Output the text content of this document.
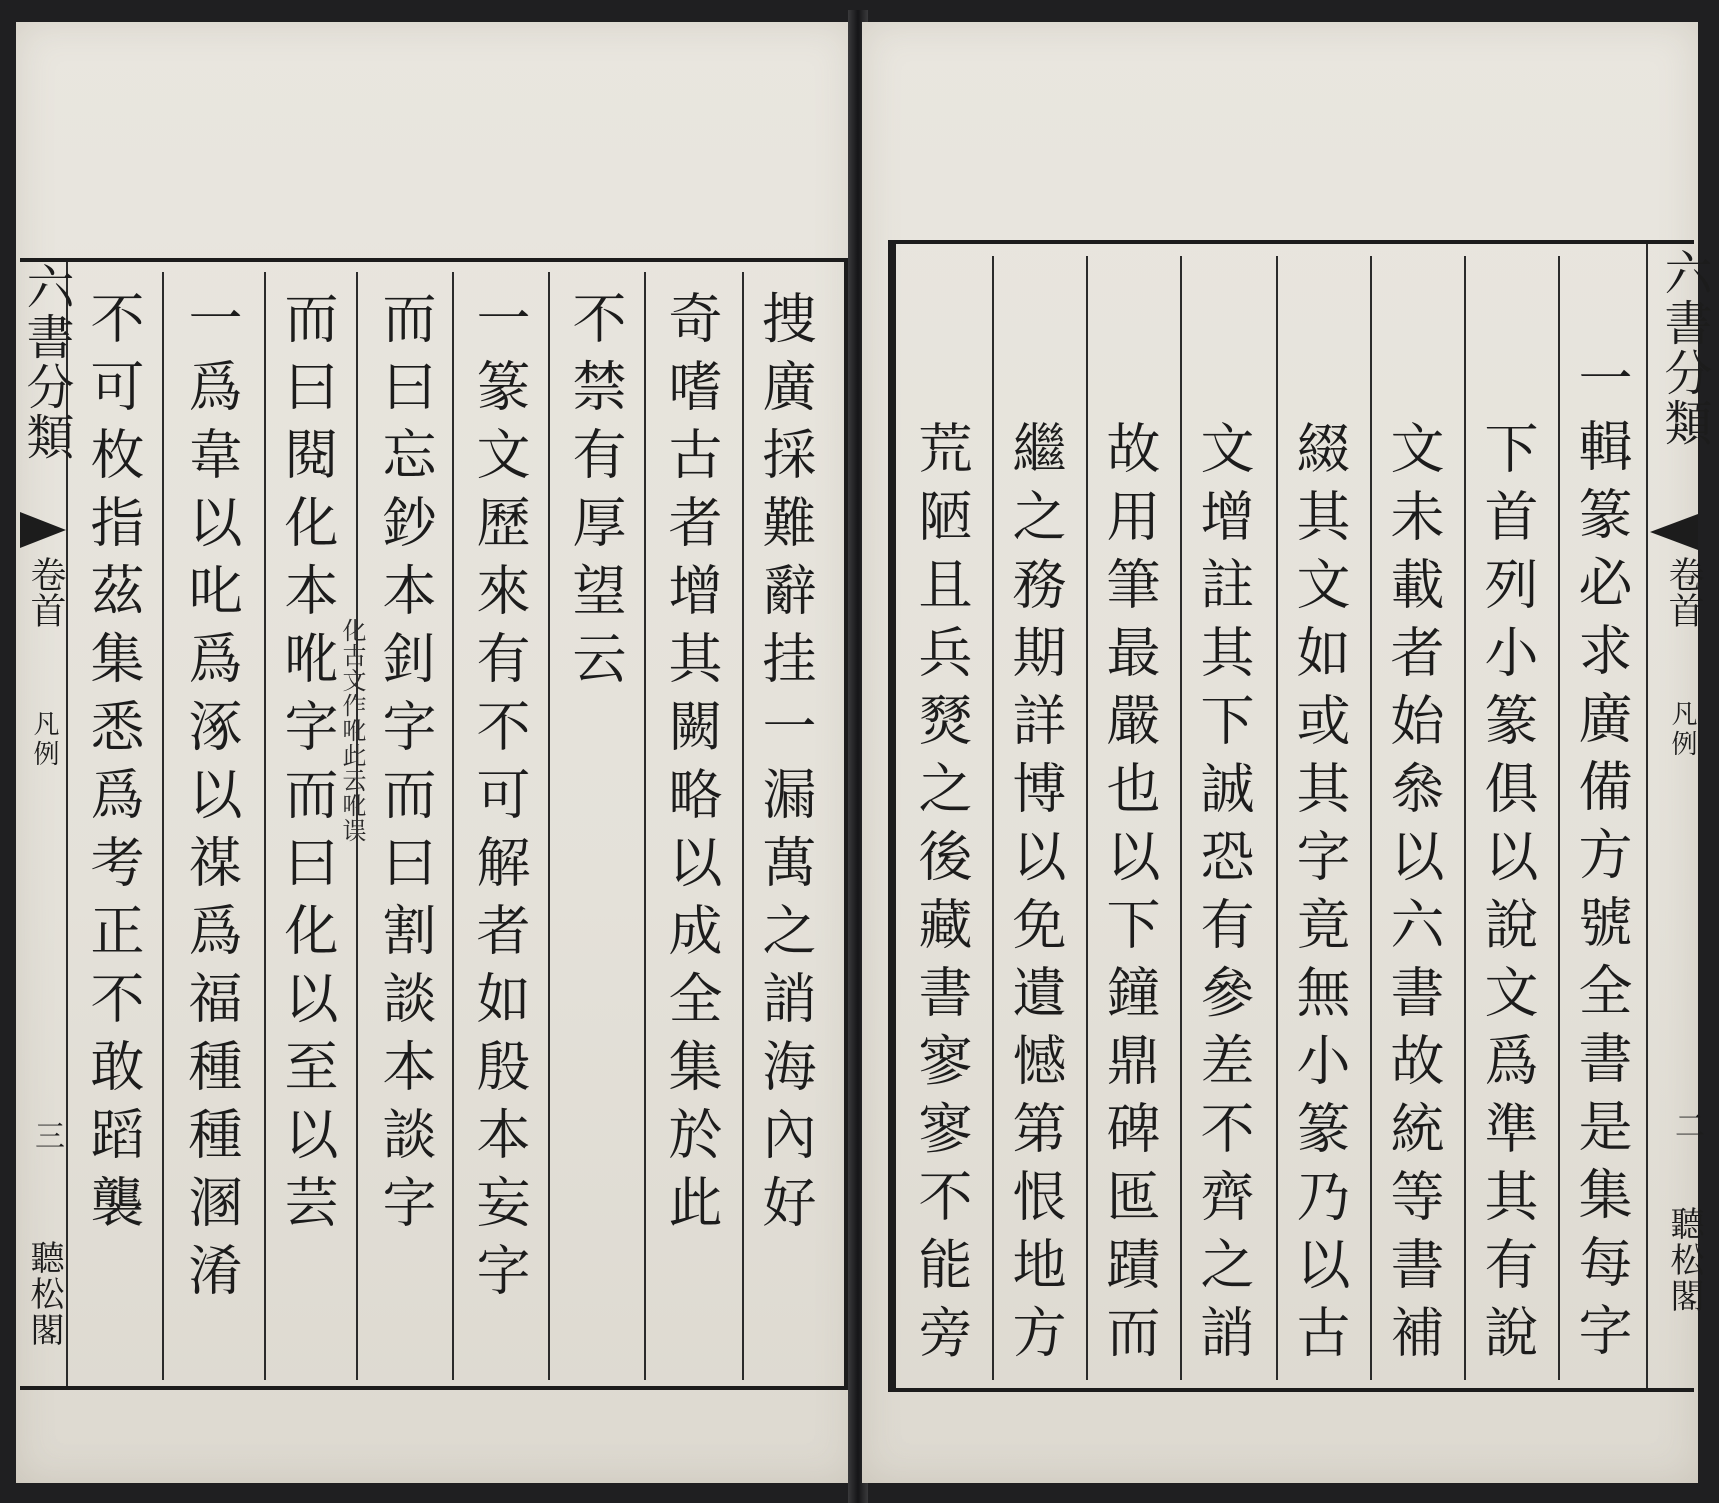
六書分類
卷首
凡例
三
聽松閣
捜廣採難辭挂一漏萬之誚海內好
奇嗜古者增其闕略以成全集於此
不禁有厚望云
一篆文歷來有不可解者如殷本妄字
而曰忘鈔本釗字而曰割談本談字
而曰閱化本吪字而曰化以至以芸
一爲韋以叱爲涿以禖爲福種種溷淆
不可枚指茲集悉爲考正不敢蹈襲	化古文作吪此云吪误
六書分類
卷首
凡例
二
聽松閣
一輯篆必求廣備方號全書是集每字
下首列小篆俱以說文爲準其有說
文未載者始叅以六書故統等書補
綴其文如或其字竟無小篆乃以古
文增註其下誠恐有參差不齊之誚
故用筆最嚴也以下鐘鼎碑匜蹟而
繼之務期詳博以免遺憾第恨地方
荒陋且兵燹之後藏書寥寥不能旁
